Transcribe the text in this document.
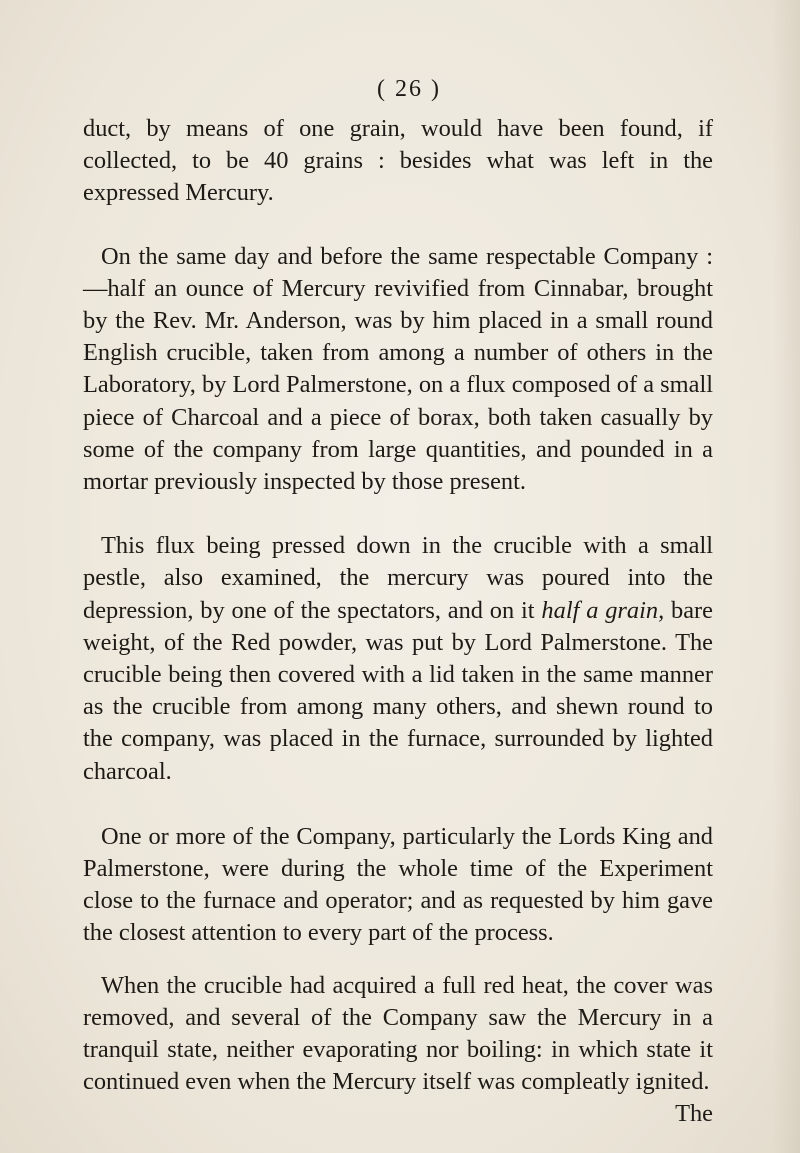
( 26 )

duct, by means of one grain, would have been found, if collected, to be 40 grains : besides what was left in the expressed Mercury.

On the same day and before the same respectable Company :—half an ounce of Mercury revivified from Cinnabar, brought by the Rev. Mr. Anderson, was by him placed in a small round English crucible, taken from among a number of others in the Laboratory, by Lord Palmerstone, on a flux composed of a small piece of Charcoal and a piece of borax, both taken casually by some of the company from large quantities, and pounded in a mortar previously inspected by those present.

This flux being pressed down in the crucible with a small pestle, also examined, the mercury was poured into the depression, by one of the spectators, and on it half a grain, bare weight, of the Red powder, was put by Lord Palmerstone. The crucible being then covered with a lid taken in the same manner as the crucible from among many others, and shewn round to the company, was placed in the furnace, surrounded by lighted charcoal.

One or more of the Company, particularly the Lords King and Palmerstone, were during the whole time of the Experiment close to the furnace and operator; and as requested by him gave the closest attention to every part of the process.

When the crucible had acquired a full red heat, the cover was removed, and several of the Company saw the Mercury in a tranquil state, neither evaporating nor boiling: in which state it continued even when the Mercury itself was compleatly ignited.

The
